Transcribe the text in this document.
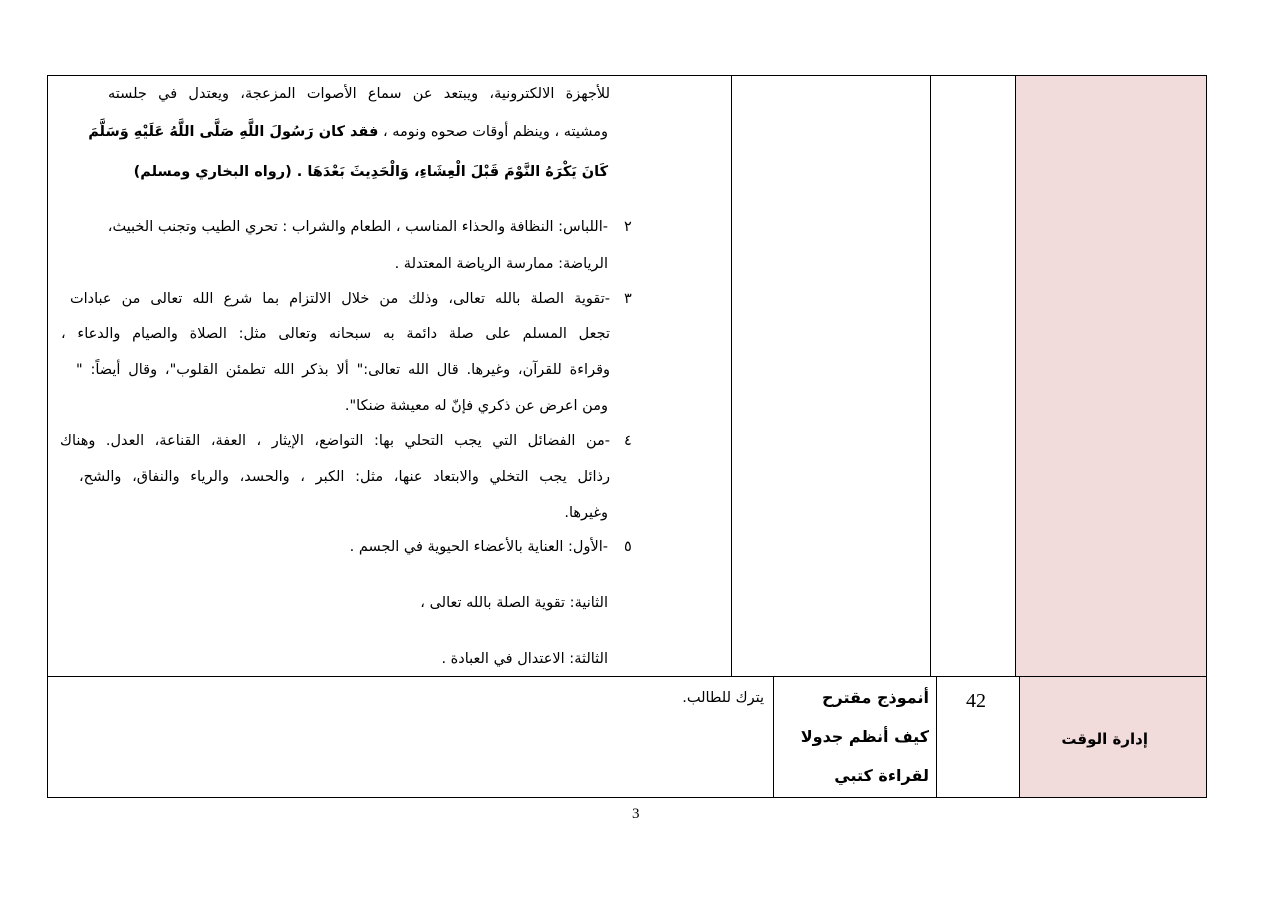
للأجهزة الالكترونية، ويبتعد عن سماع الأصوات المزعجة، ويعتدل في جلسته
ومشيته ، وينظم أوقات صحوه ونومه ، فقد كان رَسُولَ اللَّهِ صَلَّى اللَّهُ عَلَيْهِ وَسَلَّمَ
كَانَ يَكْرَهُ النَّوْمَ قَبْلَ الْعِشَاءِ، وَالْحَدِيثَ بَعْدَهَا . (رواه البخاري ومسلم)
٢
-اللباس: النظافة والحذاء المناسب ، الطعام والشراب : تحري الطيب وتجنب الخبيث،
الرياضة: ممارسة الرياضة المعتدلة .
٣
-تقوية الصلة بالله تعالى، وذلك من خلال الالتزام بما شرع الله تعالى من عبادات
تجعل المسلم على صلة دائمة به سبحانه وتعالى مثل: الصلاة والصيام والدعاء ،
وقراءة للقرآن، وغيرها. قال الله تعالى:" ألا بذكر الله تطمئن القلوب"، وقال أيضاً: "
ومن اعرض عن ذكري فإنّ له معيشة ضنكا".
٤
-من الفضائل التي يجب التحلي بها: التواضع، الإيثار ، العفة، القناعة، العدل. وهناك
رذائل يجب التخلي والابتعاد عنها، مثل: الكبر ، والحسد، والرياء والنفاق، والشح،
وغيرها.
٥
-الأول: العناية بالأعضاء الحيوية في الجسم .
الثانية: تقوية الصلة بالله تعالى ،
الثالثة: الاعتدال في العبادة .
إدارة الوقت
42
أنموذج مقترح
كيف أنظم جدولا
لقراءة كتبي
يترك للطالب.
3
